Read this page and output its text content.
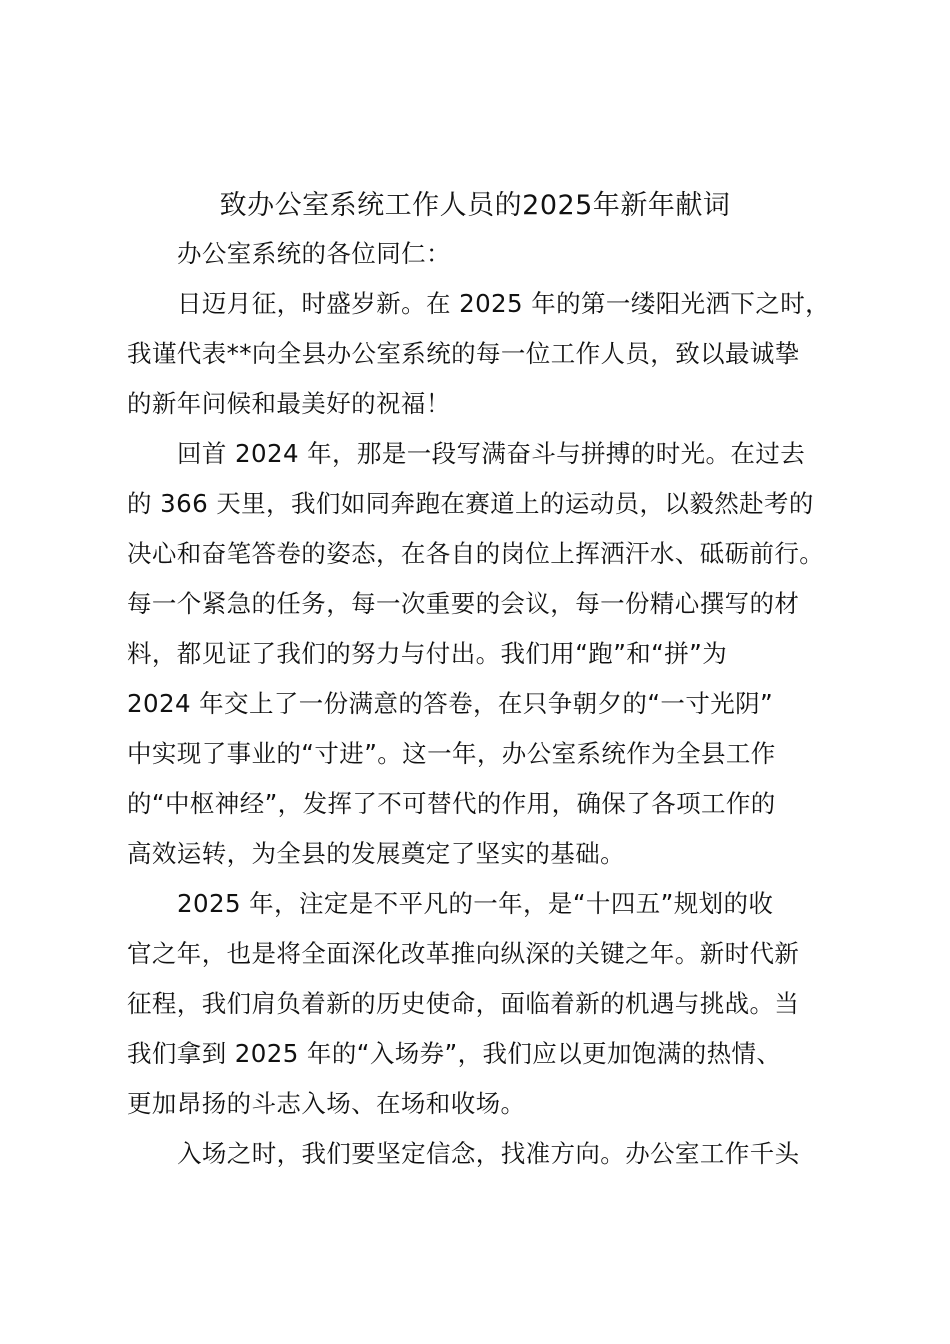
致办公室系统工作人员的2025年新年献词
办公室系统的各位同仁：
日迈月征，时盛岁新。在 2025 年的第一缕阳光洒下之时，
我谨代表**向全县办公室系统的每一位工作人员，致以最诚挚
的新年问候和最美好的祝福！
回首 2024 年，那是一段写满奋斗与拼搏的时光。在过去
的 366 天里，我们如同奔跑在赛道上的运动员，以毅然赴考的
决心和奋笔答卷的姿态，在各自的岗位上挥洒汗水、砥砺前行。
每一个紧急的任务，每一次重要的会议，每一份精心撰写的材
料，都见证了我们的努力与付出。我们用“跑”和“拼”为
2024 年交上了一份满意的答卷，在只争朝夕的“一寸光阴”
中实现了事业的“寸进”。这一年，办公室系统作为全县工作
的“中枢神经”，发挥了不可替代的作用，确保了各项工作的
高效运转，为全县的发展奠定了坚实的基础。
2025 年，注定是不平凡的一年，是“十四五”规划的收
官之年，也是将全面深化改革推向纵深的关键之年。新时代新
征程，我们肩负着新的历史使命，面临着新的机遇与挑战。当
我们拿到 2025 年的“入场券”，我们应以更加饱满的热情、
更加昂扬的斗志入场、在场和收场。
入场之时，我们要坚定信念，找准方向。办公室工作千头
